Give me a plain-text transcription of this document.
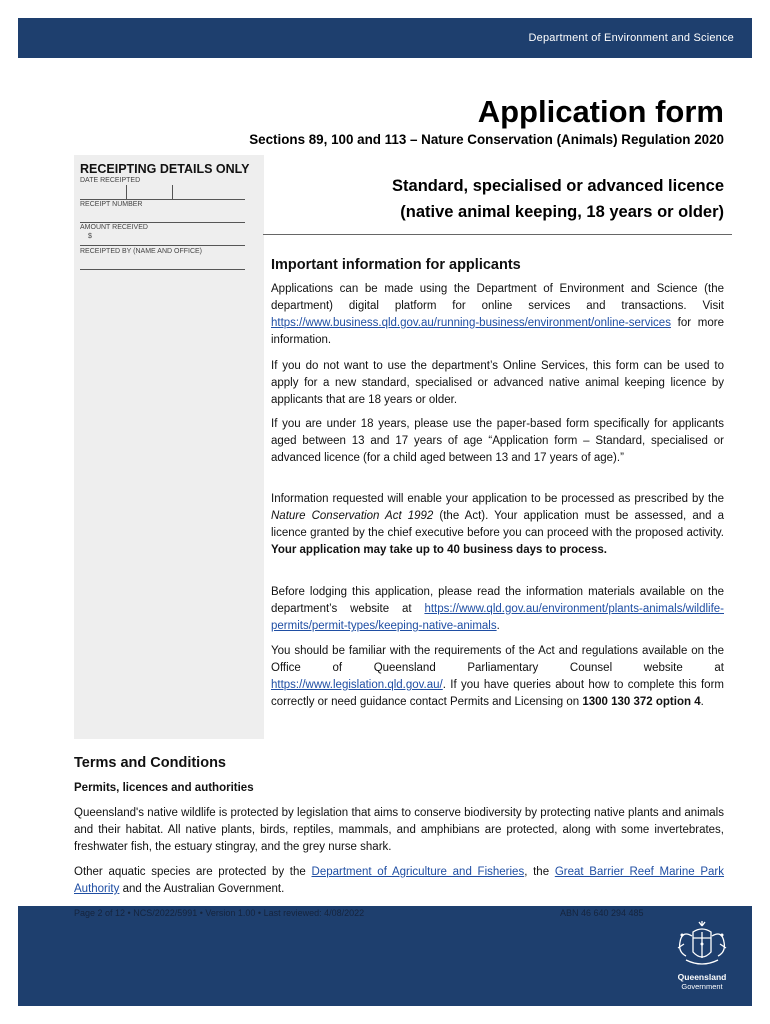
Department of Environment and Science
Application form
Sections 89, 100 and 113 – Nature Conservation (Animals) Regulation 2020
RECEIPTING DETAILS ONLY
DATE RECEIPTED
RECEIPT NUMBER
AMOUNT RECEIVED
$
RECEIPTED BY (NAME AND OFFICE)
Standard, specialised or advanced licence
(native animal keeping, 18 years or older)
Important information for applicants

Applications can be made using the Department of Environment and Science (the department) digital platform for online services and transactions. Visit https://www.business.qld.gov.au/running-business/environment/online-services for more information.

If you do not want to use the department’s Online Services, this form can be used to apply for a new standard, specialised or advanced native animal keeping licence by applicants that are 18 years or older.

If you are under 18 years, please use the paper-based form specifically for applicants aged between 13 and 17 years of age “Application form – Standard, specialised or advanced licence (for a child aged between 13 and 17 years of age).”

Information requested will enable your application to be processed as prescribed by the Nature Conservation Act 1992 (the Act). Your application must be assessed, and a licence granted by the chief executive before you can proceed with the proposed activity. Your application may take up to 40 business days to process.

Before lodging this application, please read the information materials available on the department’s website at https://www.qld.gov.au/environment/plants-animals/wildlife-permits/permit-types/keeping-native-animals.

You should be familiar with the requirements of the Act and regulations available on the Office of Queensland Parliamentary Counsel website at https://www.legislation.qld.gov.au/. If you have queries about how to complete this form correctly or need guidance contact Permits and Licensing on 1300 130 372 option 4.

Terms and Conditions
Permits, licences and authorities

Queensland's native wildlife is protected by legislation that aims to conserve biodiversity by protecting native plants and animals and their habitat. All native plants, birds, reptiles, mammals, and amphibians are protected, along with some invertebrates, freshwater fish, the estuary stingray, and the grey nurse shark.

Other aquatic species are protected by the Department of Agriculture and Fisheries, the Great Barrier Reef Marine Park Authority and the Australian Government.

Page 2 of 12 • NCS/2022/5991 • Version 1.00 • Last reviewed: 4/08/2022	ABN 46 640 294 485
Queensland
Government
